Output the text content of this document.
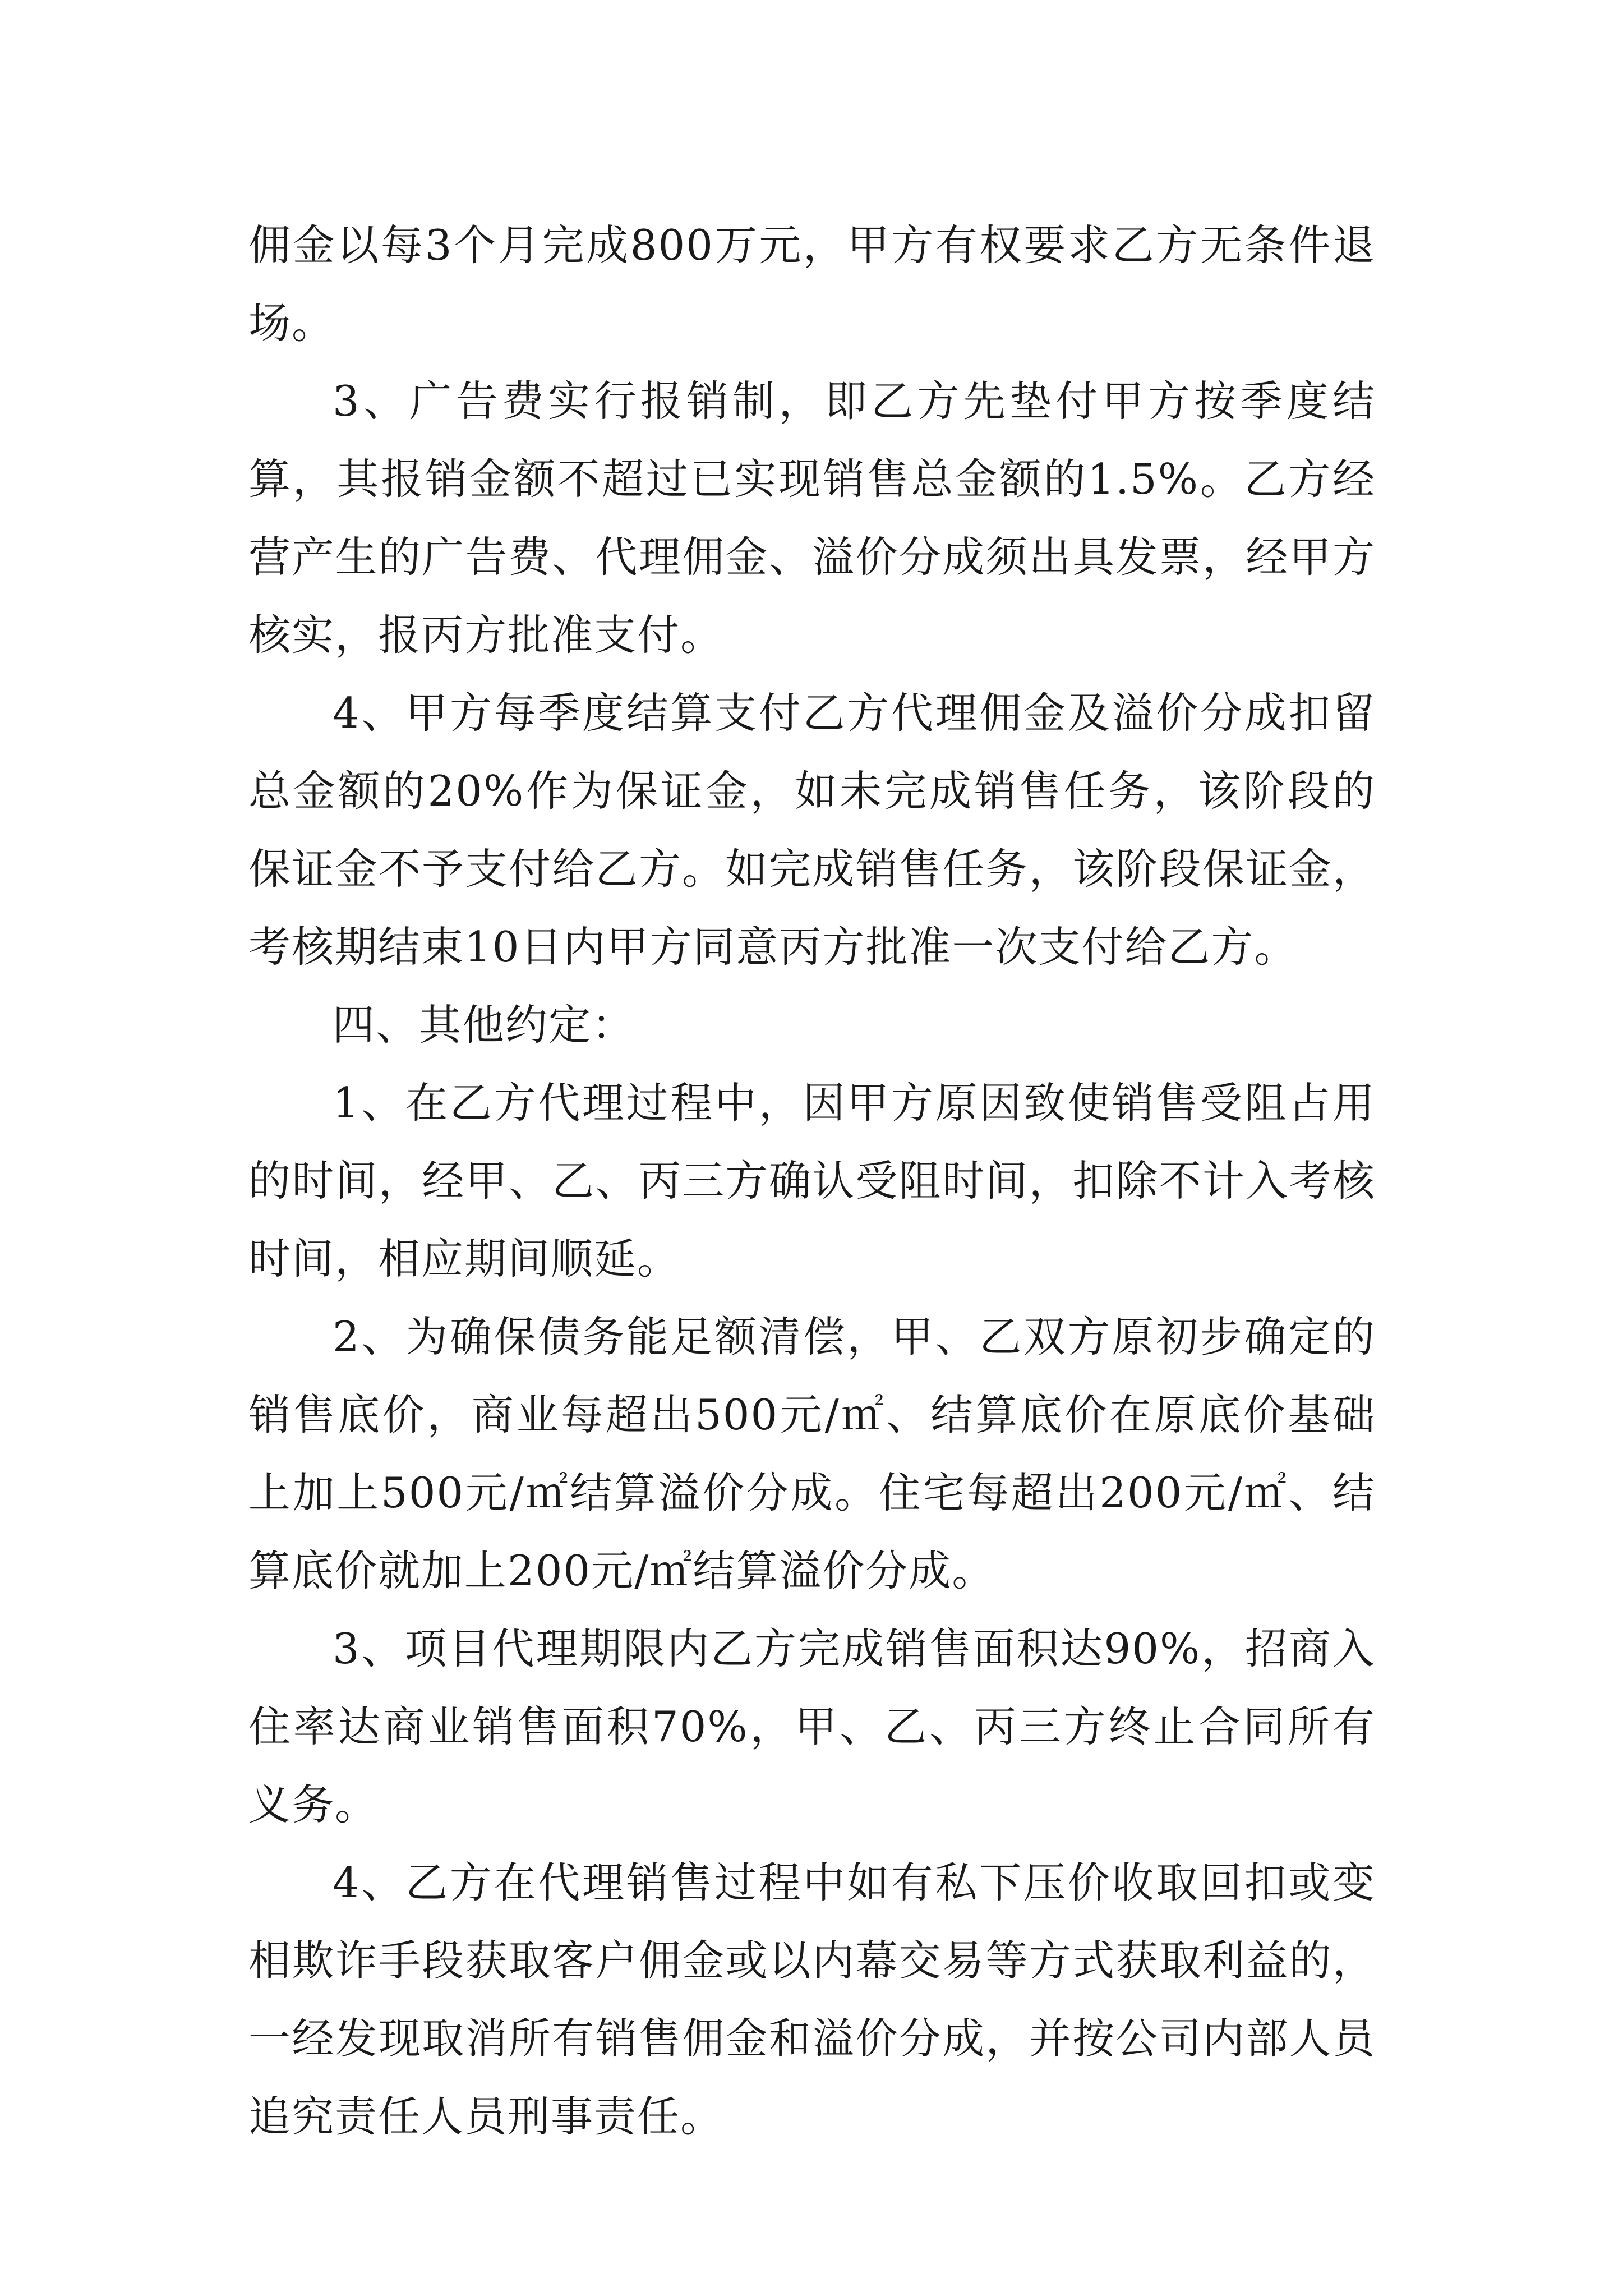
佣金以每3个月完成800万元，甲方有权要求乙方无条件退场。

3、广告费实行报销制，即乙方先垫付甲方按季度结算，其报销金额不超过已实现销售总金额的1.5%。乙方经营产生的广告费、代理佣金、溢价分成须出具发票，经甲方核实，报丙方批准支付。

4、甲方每季度结算支付乙方代理佣金及溢价分成扣留总金额的20%作为保证金，如未完成销售任务，该阶段的保证金不予支付给乙方。如完成销售任务，该阶段保证金，考核期结束10日内甲方同意丙方批准一次支付给乙方。

四、其他约定：

1、在乙方代理过程中，因甲方原因致使销售受阻占用的时间，经甲、乙、丙三方确认受阻时间，扣除不计入考核时间，相应期间顺延。

2、为确保债务能足额清偿，甲、乙双方原初步确定的销售底价，商业每超出500元/㎡、结算底价在原底价基础上加上500元/㎡结算溢价分成。住宅每超出200元/㎡、结算底价就加上200元/㎡结算溢价分成。

3、项目代理期限内乙方完成销售面积达90%，招商入住率达商业销售面积70%，甲、乙、丙三方终止合同所有义务。

4、乙方在代理销售过程中如有私下压价收取回扣或变相欺诈手段获取客户佣金或以内幕交易等方式获取利益的，一经发现取消所有销售佣金和溢价分成，并按公司内部人员追究责任人员刑事责任。
